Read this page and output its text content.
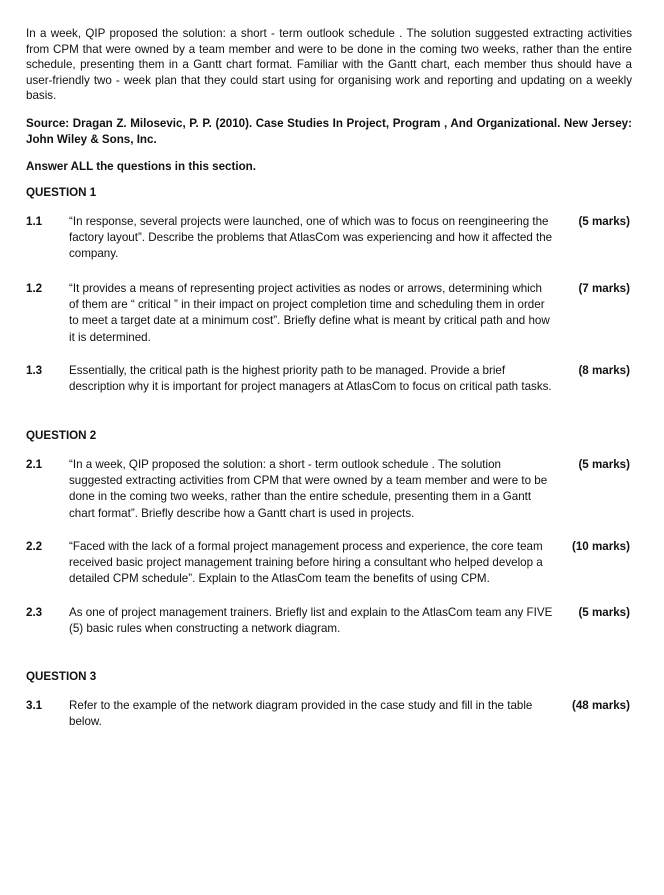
In a week, QIP proposed the solution: a short - term outlook schedule . The solution suggested extracting activities from CPM that were owned by a team member and were to be done in the coming two weeks, rather than the entire schedule, presenting them in a Gantt chart format. Familiar with the Gantt chart, each member thus should have a user-friendly two - week plan that they could start using for organising work and reporting and updating on a weekly basis.
Source: Dragan Z. Milosevic, P. P. (2010). Case Studies In Project, Program , And Organizational. New Jersey: John Wiley & Sons, Inc.
Answer ALL the questions in this section.
QUESTION 1
1.1 “In response, several projects were launched, one of which was to focus on reengineering the factory layout”. Describe the problems that AtlasCom was experiencing and how it affected the company.
(5 marks)
1.2 “It provides a means of representing project activities as nodes or arrows, determining which of them are “ critical ” in their impact on project completion time and scheduling them in order to meet a target date at a minimum cost”. Briefly define what is meant by critical path and how it is determined.
(7 marks)
1.3 Essentially, the critical path is the highest priority path to be managed. Provide a brief description why it is important for project managers at AtlasCom to focus on critical path tasks.
(8 marks)
QUESTION 2
2.1 “In a week, QIP proposed the solution: a short - term outlook schedule . The solution suggested extracting activities from CPM that were owned by a team member and were to be done in the coming two weeks, rather than the entire schedule, presenting them in a Gantt chart format”. Briefly describe how a Gantt chart is used in projects.
(5 marks)
2.2 “Faced with the lack of a formal project management process and experience, the core team received basic project management training before hiring a consultant who helped develop a detailed CPM schedule”. Explain to the AtlasCom team the benefits of using CPM.
(10 marks)
2.3 As one of project management trainers. Briefly list and explain to the AtlasCom team any FIVE (5) basic rules when constructing a network diagram.
(5 marks)
QUESTION 3
3.1 Refer to the example of the network diagram provided in the case study and fill in the table below.
(48 marks)
